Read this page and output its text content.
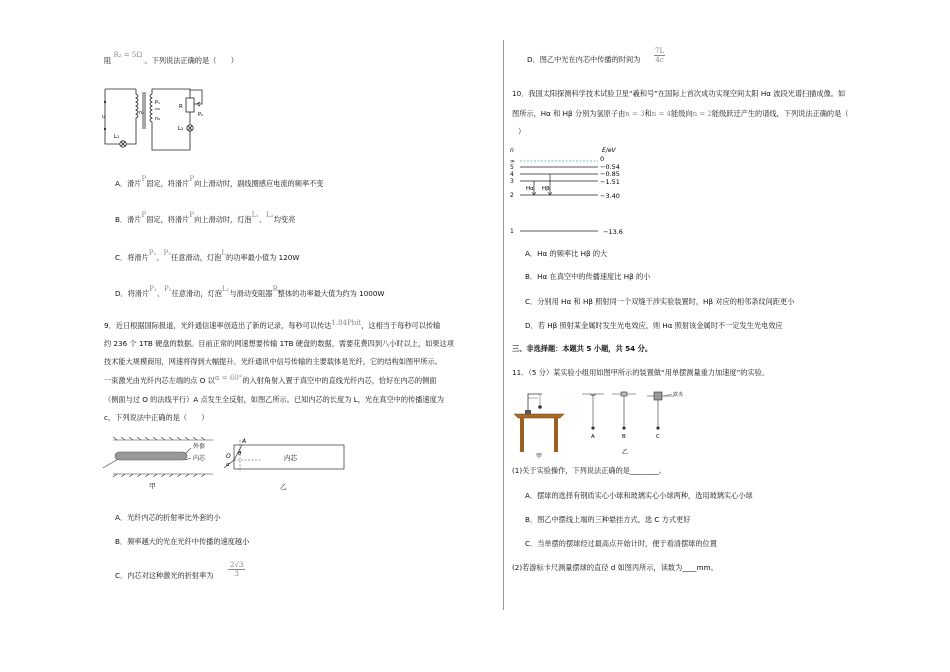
阻 R₂ = 5Ω 。下列说法正确的是（　　）
u
n₁
P₁
n₂
R
P₂
L₁
L₂
A．滑片P固定，将滑片P向上滑动时，副线圈感应电流的频率不变
B．滑片P固定，将滑片P向上滑动时，灯泡L₁、L₂均变亮
C．将滑片P₁、P₂任意滑动，灯泡L的功率最小值为 120W
D．将滑片P₁、P₂任意滑动，灯泡L₂与滑动变阻器R整体的功率最大值为约为 1000W
9．近日根据国际报道，光纤通信速率创造出了新的记录，每秒可以传达1.84Pbit，这相当于每秒可以传输
约 236 个 1TB 硬盘的数据。目前正常的网速想要传输 1TB 硬盘的数据，需要花费四到八小时以上，如果这项
技术能大规模商用，网速将得到大幅提升。光纤通讯中信号传输的主要载体是光纤，它的结构如图甲所示。
一束激光由光纤内芯左端的点 O 以α = 60°的入射角射入置于真空中的直线光纤内芯，恰好在内芯的侧面
（侧面与过 O 的法线平行）A 点发生全反射，如图乙所示。已知内芯的长度为 L，光在真空中的传播速度为
c，下列说法中正确的是（　　）
外套
内芯
甲
内芯
A
O θ
α
乙
A．光纤内芯的折射率比外套的小
B．频率越大的光在光纤中传播的速度越小
C．内芯对这种激光的折射率为
2√3
3
D．图乙中光在内芯中传播的时间为
7L
4c
10．我国太阳探测科学技术试验卫星“羲和号”在国际上首次成功实现空间太阳 Hα 波段光谱扫描成像。如
图所示，Hα 和 Hβ 分别为氢原子由n = 3和n = 4能级向n = 2能级跃迁产生的谱线，下列说法正确的是（
）
n	E/eV
Hα Hβ
∞	0
5	−0.54
4	−0.85
3	−1.51
2	−3.40
1	−13.6
A．Hα 的频率比 Hβ 的大
B．Hα 在真空中的传播速度比 Hβ 的小
C．分别用 Hα 和 Hβ 照射同一个双缝干涉实验装置时，Hβ 对应的相邻条纹间距更小
D．若 Hβ 照射某金属时发生光电效应，则 Hα 照射该金属时不一定发生光电效应
三、非选择题：本题共 5 小题，共 54 分。
11．（5 分）某实验小组用如图甲所示的装置做“用单摆测量重力加速度”的实验。
甲
铁夹
A	B	C
乙
(1)关于实验操作，下列说法正确的是________。
A．摆球的选择有钢质实心小球和玻璃实心小球两种，选用玻璃实心小球
B．图乙中摆线上端的三种悬挂方式，选 C 方式更好
C．当单摆的摆球经过最高点开始计时，便于看清摆球的位置
(2)若游标卡尺测量摆球的直径 d 如图丙所示，读数为____mm。
